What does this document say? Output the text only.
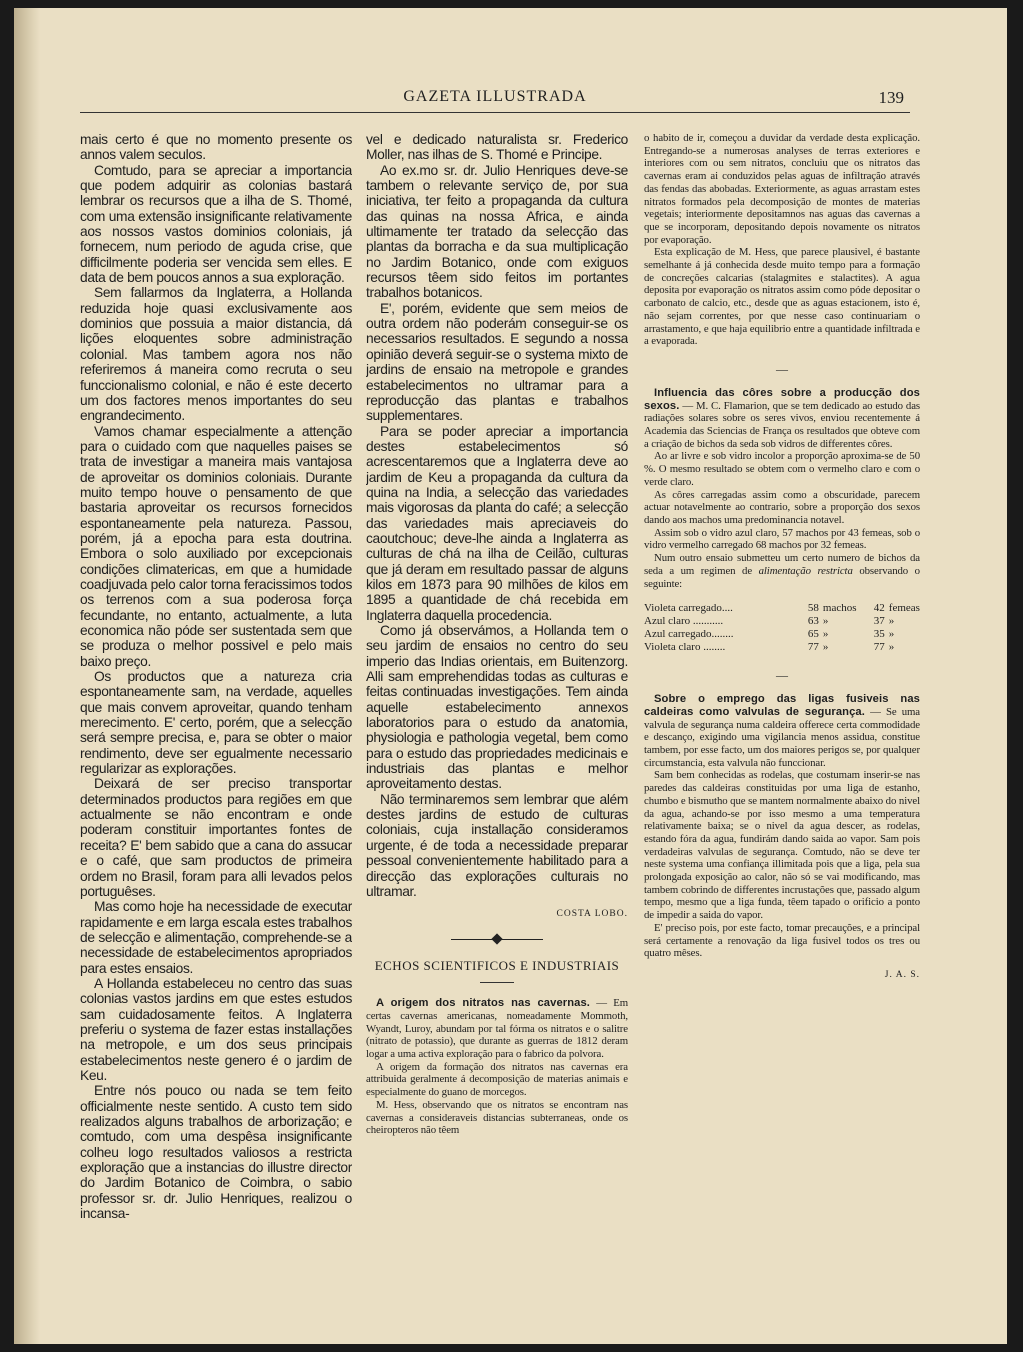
GAZETA ILLUSTRADA	139

mais certo é que no momento presente os annos valem seculos.

Comtudo, para se apreciar a importancia que podem adquirir as colonias bastará lembrar os recursos que a ilha de S. Thomé, com uma extensão insignificante relativamente aos nossos vastos dominios coloniais, já fornecem, num periodo de aguda crise, que difficilmente poderia ser vencida sem elles. E data de bem poucos annos a sua exploração.

Sem fallarmos da Inglaterra, a Hollanda reduzida hoje quasi exclusivamente aos dominios que possuia a maior distancia, dá lições eloquentes sobre administração colonial. Mas tambem agora nos não referiremos á maneira como recruta o seu funccionalismo colonial, e não é este decerto um dos factores menos importantes do seu engrandecimento.

Vamos chamar especialmente a attenção para o cuidado com que naquelles paises se trata de investigar a maneira mais vantajosa de aproveitar os dominios coloniais. Durante muito tempo houve o pensamento de que bastaria aproveitar os recursos fornecidos espontaneamente pela natureza. Passou, porém, já a epocha para esta doutrina. Embora o solo auxiliado por excepcionais condições climatericas, em que a humidade coadjuvada pelo calor torna feracissimos todos os terrenos com a sua poderosa força fecundante, no entanto, actualmente, a luta economica não póde ser sustentada sem que se produza o melhor possivel e pelo mais baixo preço.

Os productos que a natureza cria espontaneamente sam, na verdade, aquelles que mais convem aproveitar, quando tenham merecimento. E' certo, porém, que a selecção será sempre precisa, e, para se obter o maior rendimento, deve ser egualmente necessario regularizar as explorações.

Deixará de ser preciso transportar determinados productos para regiões em que actualmente se não encontram e onde poderam constituir importantes fontes de receita? E' bem sabido que a cana do assucar e o café, que sam productos de primeira ordem no Brasil, foram para alli levados pelos portuguêses.

Mas como hoje ha necessidade de executar rapidamente e em larga escala estes trabalhos de selecção e alimentação, comprehende-se a necessidade de estabelecimentos apropriados para estes ensaios.

A Hollanda estabeleceu no centro das suas colonias vastos jardins em que estes estudos sam cuidadosamente feitos. A Inglaterra preferiu o systema de fazer estas installações na metropole, e um dos seus principais estabelecimentos neste genero é o jardim de Keu.

Entre nós pouco ou nada se tem feito officialmente neste sentido. A custo tem sido realizados alguns trabalhos de arborização; e comtudo, com uma despêsa insignificante colheu logo resultados valiosos a restricta exploração que a instancias do illustre director do Jardim Botanico de Coimbra, o sabio professor sr. dr. Julio Henriques, realizou o incansa-

vel e dedicado naturalista sr. Frederico Moller, nas ilhas de S. Thomé e Principe.

Ao ex.mo sr. dr. Julio Henriques deve-se tambem o relevante serviço de, por sua iniciativa, ter feito a propaganda da cultura das quinas na nossa Africa, e ainda ultimamente ter tratado da selecção das plantas da borracha e da sua multiplicação no Jardim Botanico, onde com exiguos recursos têem sido feitos im portantes trabalhos botanicos.

E', porém, evidente que sem meios de outra ordem não poderám conseguir-se os necessarios resultados. E segundo a nossa opinião deverá seguir-se o systema mixto de jardins de ensaio na metropole e grandes estabelecimentos no ultramar para a reproducção das plantas e trabalhos supplementares.

Para se poder apreciar a importancia destes estabelecimentos só acrescentaremos que a Inglaterra deve ao jardim de Keu a propaganda da cultura da quina na India, a selecção das variedades mais vigorosas da planta do café; a selecção das variedades mais apreciaveis do caoutchouc; deve-lhe ainda a Inglaterra as culturas de chá na ilha de Ceilão, culturas que já deram em resultado passar de alguns kilos em 1873 para 90 milhões de kilos em 1895 a quantidade de chá recebida em Inglaterra daquella procedencia.

Como já observámos, a Hollanda tem o seu jardim de ensaios no centro do seu imperio das Indias orientais, em Buitenzorg. Alli sam emprehendidas todas as culturas e feitas continuadas investigações. Tem ainda aquelle estabelecimento annexos laboratorios para o estudo da anatomia, physiologia e pathologia vegetal, bem como para o estudo das propriedades medicinais e industriais das plantas e melhor aproveitamento destas.

Não terminaremos sem lembrar que além destes jardins de estudo de culturas coloniais, cuja installação consideramos urgente, é de toda a necessidade preparar pessoal convenientemente habilitado para a direcção das explorações culturais no ultramar.

COSTA LOBO.
ECHOS SCIENTIFICOS E INDUSTRIAIS

A origem dos nitratos nas cavernas. — Em certas cavernas americanas, nomeadamente Mommoth, Wyandt, Luroy, abundam por tal fórma os nitratos e o salitre (nitrato de potassio), que durante as guerras de 1812 deram logar a uma activa exploração para o fabrico da polvora.

A origem da formação dos nitratos nas cavernas era attribuida geralmente á decomposição de materias animais e especialmente do guano de morcegos.

M. Hess, observando que os nitratos se encontram nas cavernas a consideraveis distancias subterraneas, onde os cheiropteros não têem

o habito de ir, começou a duvidar da verdade desta explicação. Entregando-se a numerosas analyses de terras exteriores e interiores com ou sem nitratos, concluiu que os nitratos das cavernas eram ai conduzidos pelas aguas de infiltração através das fendas das abobadas. Exteriormente, as aguas arrastam estes nitratos formados pela decomposição de montes de materias vegetais; interiormente depositamnos nas aguas das cavernas a que se incorporam, depositando depois novamente os nitratos por evaporação.

Esta explicação de M. Hess, que parece plausivel, é bastante semelhante á já conhecida desde muito tempo para a formação de concreções calcarias (stalagmites e stalactites). A agua deposita por evaporação os nitratos assim como póde depositar o carbonato de calcio, etc., desde que as aguas estacionem, isto é, não sejam correntes, por que nesse caso continuariam o arrastamento, e que haja equilibrio entre a quantidade infiltrada e a evaporada.

—

Influencia das côres sobre a producção dos sexos. — M. C. Flamarion, que se tem dedicado ao estudo das radiações solares sobre os seres vivos, enviou recentemente á Academia das Sciencias de França os resultados que obteve com a criação de bichos da seda sob vidros de differentes côres.

Ao ar livre e sob vidro incolor a proporção aproxima-se de 50 %. O mesmo resultado se obtem com o vermelho claro e com o verde claro.

As côres carregadas assim como a obscuridade, parecem actuar notavelmente ao contrario, sobre a proporção dos sexos dando aos machos uma predominancia notavel.

Assim sob o vidro azul claro, 57 machos por 43 femeas, sob o vidro vermelho carregado 68 machos por 32 femeas.

Num outro ensaio submetteu um certo numero de bichos da seda a um regimen de alimentação restricta observando o seguinte:

Violeta carregado....	58	machos	42	femeas
Azul claro ...........	63	»	37	»
Azul carregado........	65	»	35	»
Violeta claro ........	77	»	77	»
—

Sobre o emprego das ligas fusiveis nas caldeiras como valvulas de segurança. — Se uma valvula de segurança numa caldeira offerece certa commodidade e descanço, exigindo uma vigilancia menos assidua, constitue tambem, por esse facto, um dos maiores perigos se, por qualquer circumstancia, esta valvula não funccionar.

Sam bem conhecidas as rodelas, que costumam inserir-se nas paredes das caldeiras constituidas por uma liga de estanho, chumbo e bismutho que se mantem normalmente abaixo do nivel da agua, achando-se por isso mesmo a uma temperatura relativamente baixa; se o nivel da agua descer, as rodelas, estando fóra da agua, fundirám dando saida ao vapor. Sam pois verdadeiras valvulas de segurança. Comtudo, não se deve ter neste systema uma confiança illimitada pois que a liga, pela sua prolongada exposição ao calor, não só se vai modificando, mas tambem cobrindo de differentes incrustações que, passado algum tempo, mesmo que a liga funda, têem tapado o orificio a ponto de impedir a saida do vapor.

E' preciso pois, por este facto, tomar precauções, e a principal será certamente a renovação da liga fusivel todos os tres ou quatro mêses.

J. A. S.
